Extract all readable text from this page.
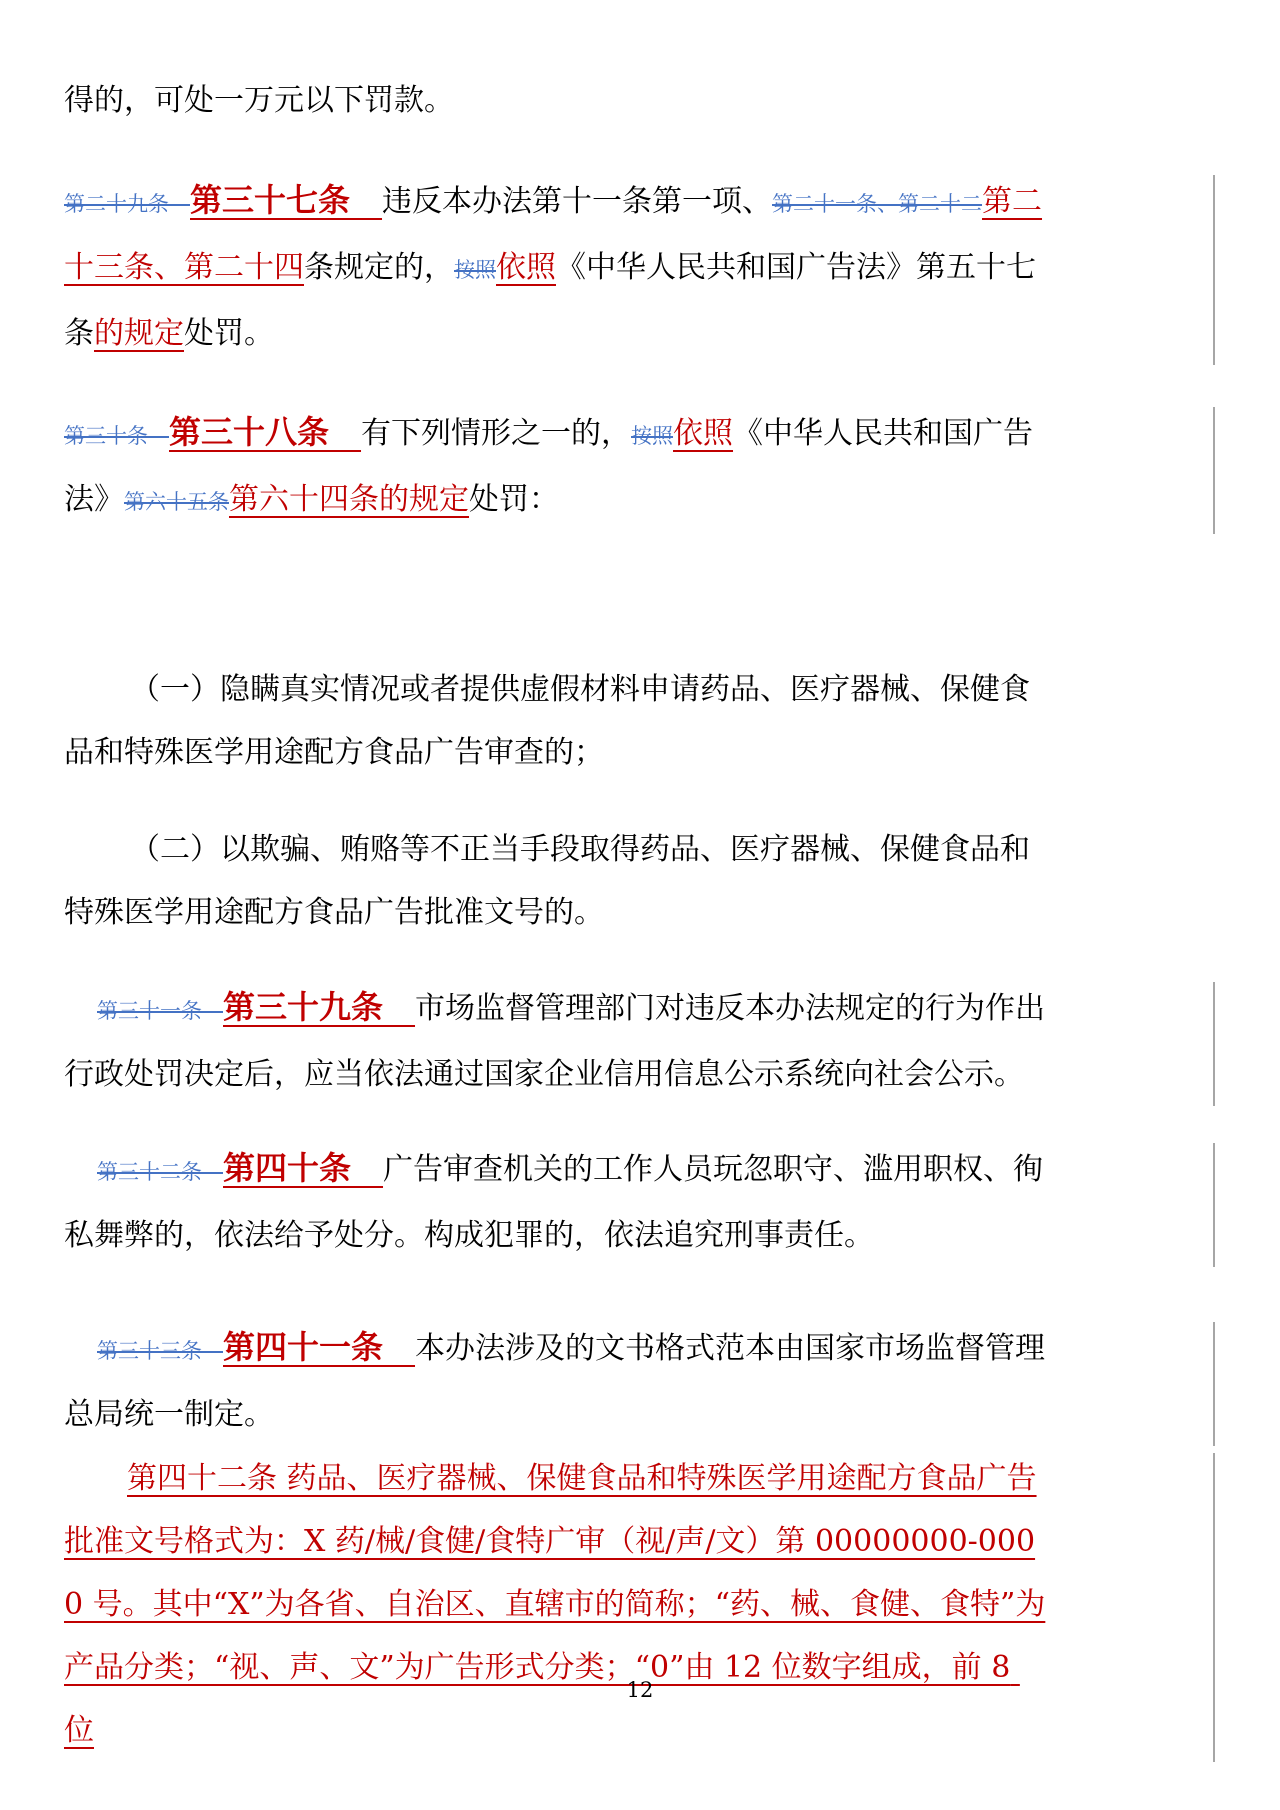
得的，可处一万元以下罚款。

第二十九条—第三十七条　违反本办法第十一条第一项、第二十一条、第二十二第二十三条、第二十四条规定的，按照依照《中华人民共和国广告法》第五十七条的规定处罚。

第三十条—第三十八条　有下列情形之一的，按照依照《中华人民共和国广告法》第六十五条第六十四条的规定处罚：

（一）隐瞒真实情况或者提供虚假材料申请药品、医疗器械、保健食品和特殊医学用途配方食品广告审查的；

（二）以欺骗、贿赂等不正当手段取得药品、医疗器械、保健食品和特殊医学用途配方食品广告批准文号的。

第三十一条—第三十九条　市场监督管理部门对违反本办法规定的行为作出行政处罚决定后，应当依法通过国家企业信用信息公示系统向社会公示。

第三十二条—第四十条　广告审查机关的工作人员玩忽职守、滥用职权、徇私舞弊的，依法给予处分。构成犯罪的，依法追究刑事责任。

第三十三条—第四十一条　本办法涉及的文书格式范本由国家市场监督管理总局统一制定。

第四十二条 药品、医疗器械、保健食品和特殊医学用途配方食品广告批准文号格式为：X 药/械/食健/食特广审（视/声/文）第 00000000-0000 号。其中“X”为各省、自治区、直辖市的简称；“药、械、食健、食特”为产品分类；“视、声、文”为广告形式分类；“0”由 12 位数字组成，前 8 位

12
